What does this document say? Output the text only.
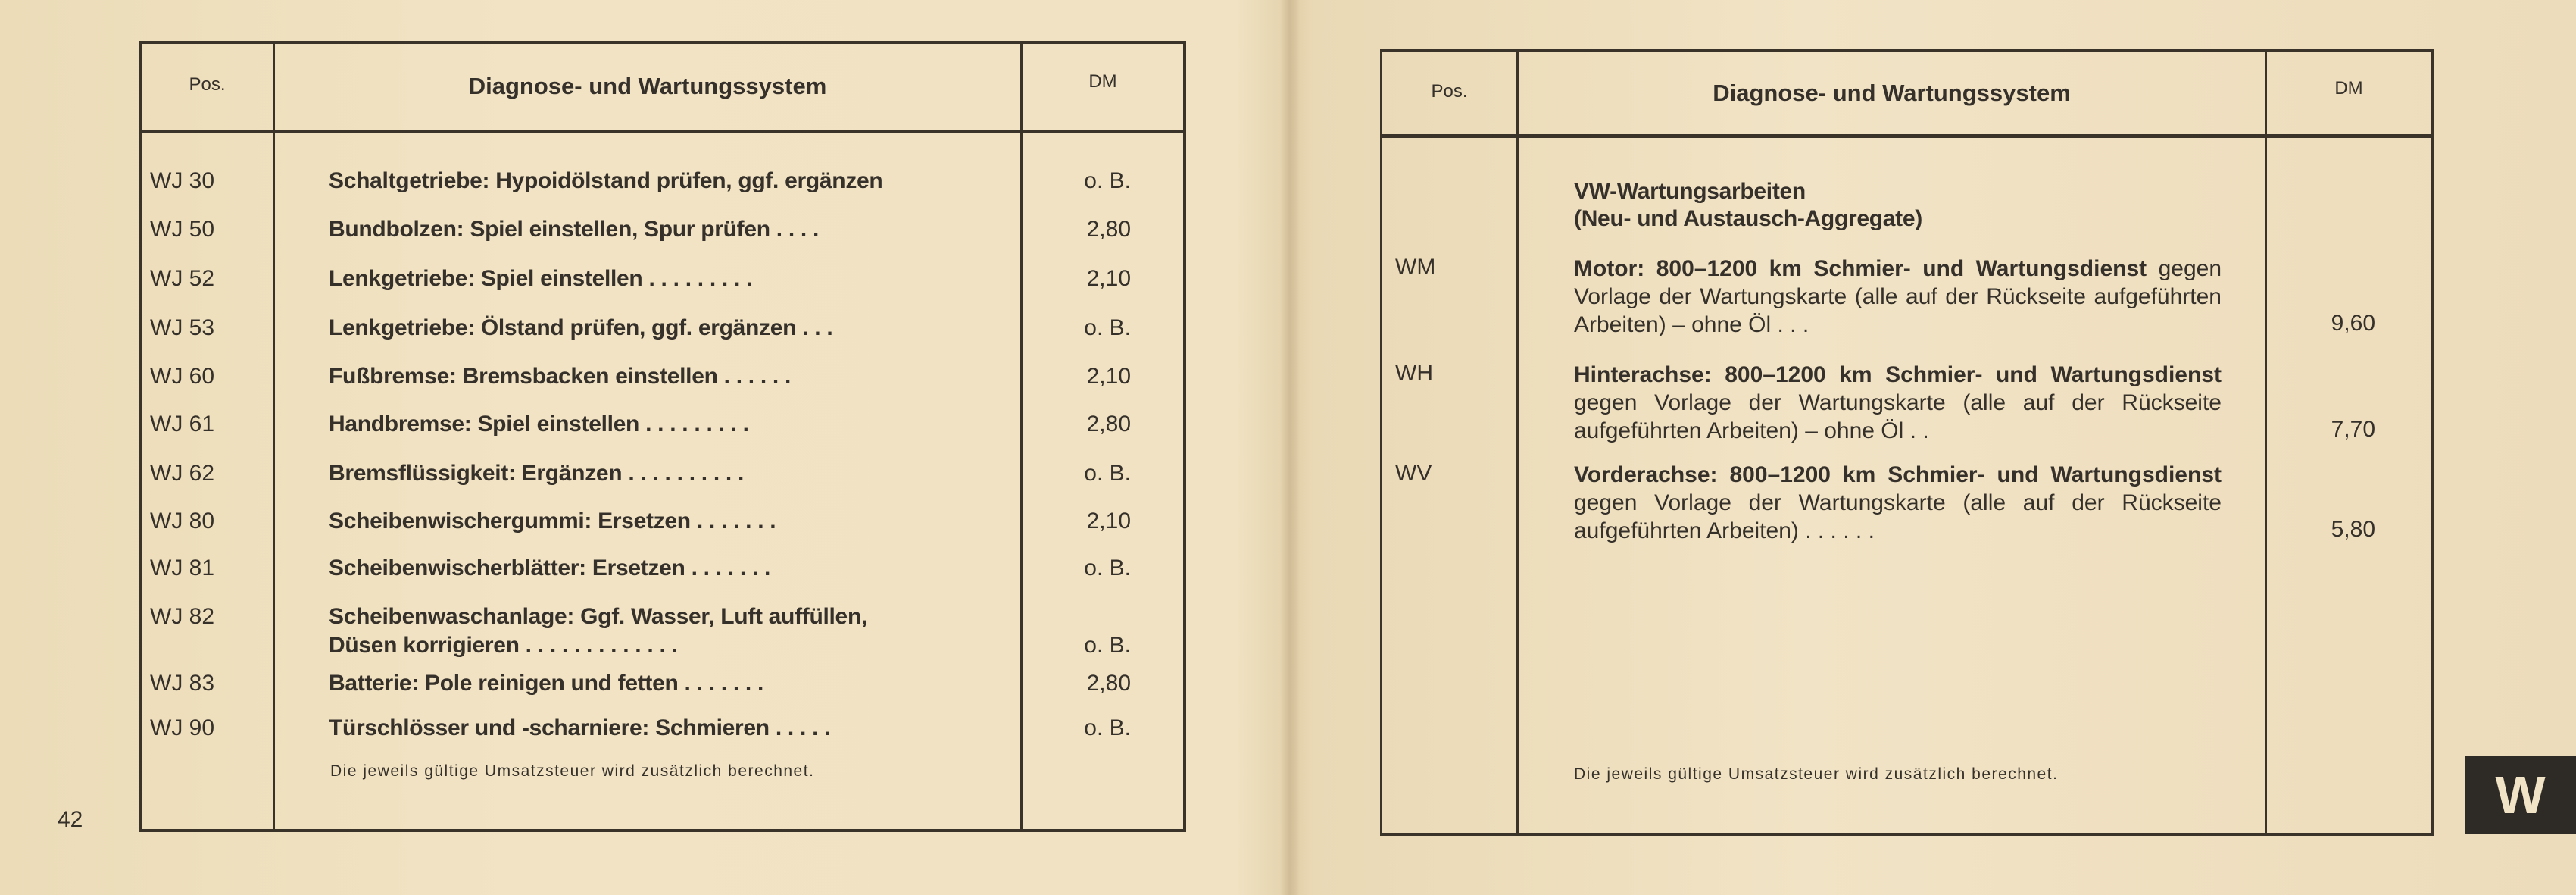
Pos.	Diagnose- und Wartungssystem	DM
WJ 30	Schaltgetriebe: Hypoidölstand prüfen, ggf. ergänzen	o. B.
WJ 50	Bundbolzen: Spiel einstellen, Spur prüfen . . . .	2,80
WJ 52	Lenkgetriebe: Spiel einstellen . . . . . . . . .	2,10
WJ 53	Lenkgetriebe: Ölstand prüfen, ggf. ergänzen . . .	o. B.
WJ 60	Fußbremse: Bremsbacken einstellen . . . . . .	2,10
WJ 61	Handbremse: Spiel einstellen . . . . . . . . .	2,80
WJ 62	Bremsflüssigkeit: Ergänzen . . . . . . . . . .	o. B.
WJ 80	Scheibenwischergummi: Ersetzen . . . . . . .	2,10
WJ 81	Scheibenwischerblätter: Ersetzen . . . . . . .	o. B.
WJ 82	Scheibenwaschanlage: Ggf. Wasser, Luft auffüllen,
Düsen korrigieren . . . . . . . . . . . . .	o. B.
WJ 83	Batterie: Pole reinigen und fetten . . . . . . .	2,80
WJ 90	Türschlösser und -scharniere: Schmieren . . . . .	o. B.
Die jeweils gültige Umsatzsteuer wird zusätzlich berechnet.
42
Pos.	Diagnose- und Wartungssystem	DM
VW-Wartungsarbeiten
(Neu- und Austausch-Aggregate)
WM	Motor: 800–1200 km Schmier- und Wartungsdienst gegen Vorlage der Wartungskarte (alle auf der Rückseite aufgeführten Arbeiten) – ohne Öl . . .	9,60
WH	Hinterachse: 800–1200 km Schmier- und Wartungsdienst gegen Vorlage der Wartungskarte (alle auf der Rückseite aufgeführten Arbeiten) – ohne Öl . .	7,70
WV	Vorderachse: 800–1200 km Schmier- und Wartungsdienst gegen Vorlage der Wartungskarte (alle auf der Rückseite aufgeführten Arbeiten) . . . . . .	5,80
Die jeweils gültige Umsatzsteuer wird zusätzlich berechnet.	W
